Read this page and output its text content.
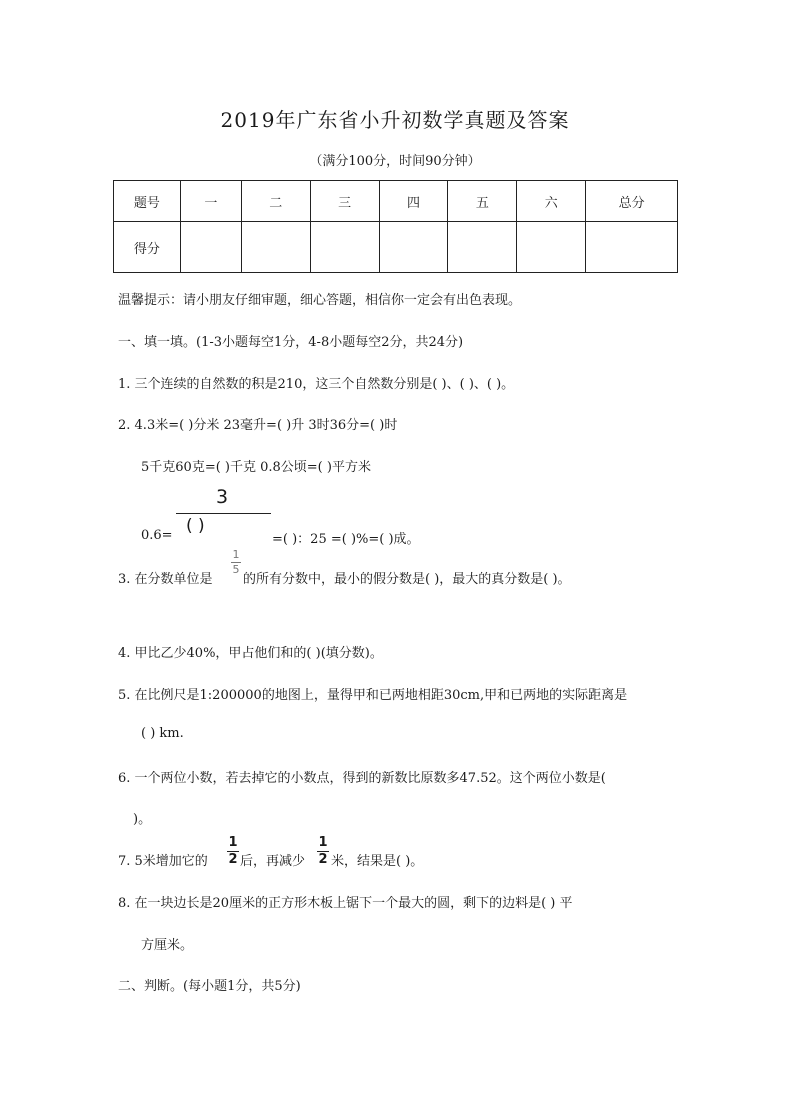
2019年广东省小升初数学真题及答案
（满分100分，时间90分钟）
题号	一	二	三	四	五	六	总分
得分							
温馨提示：请小朋友仔细审题，细心答题，相信你一定会有出色表现。
一、填一填。(1-3小题每空1分，4-8小题每空2分，共24分)
1. 三个连续的自然数的积是210，这三个自然数分别是( )、( )、( )。
2. 4.3米=( )分米 23毫升=( )升 3时36分=( )时
5千克60克=( )千克 0.8公顷=( )平方米
3
( )
0.6=	=( )：25 =( )%=( )成。
3. 在分数单位是
1
5
的所有分数中，最小的假分数是( )，最大的真分数是( )。
4. 甲比乙少40%，甲占他们和的( )(填分数)。
5. 在比例尺是1:200000的地图上，量得甲和已两地相距30cm,甲和已两地的实际距离是
( ) km.
6. 一个两位小数，若去掉它的小数点，得到的新数比原数多47.52。这个两位小数是(
)。
7. 5米增加它的
1
2 后，再减少
1
2 米，结果是( )。
8. 在一块边长是20厘米的正方形木板上锯下一个最大的圆，剩下的边料是( ) 平
方厘米。
二、判断。(每小题1分，共5分)
